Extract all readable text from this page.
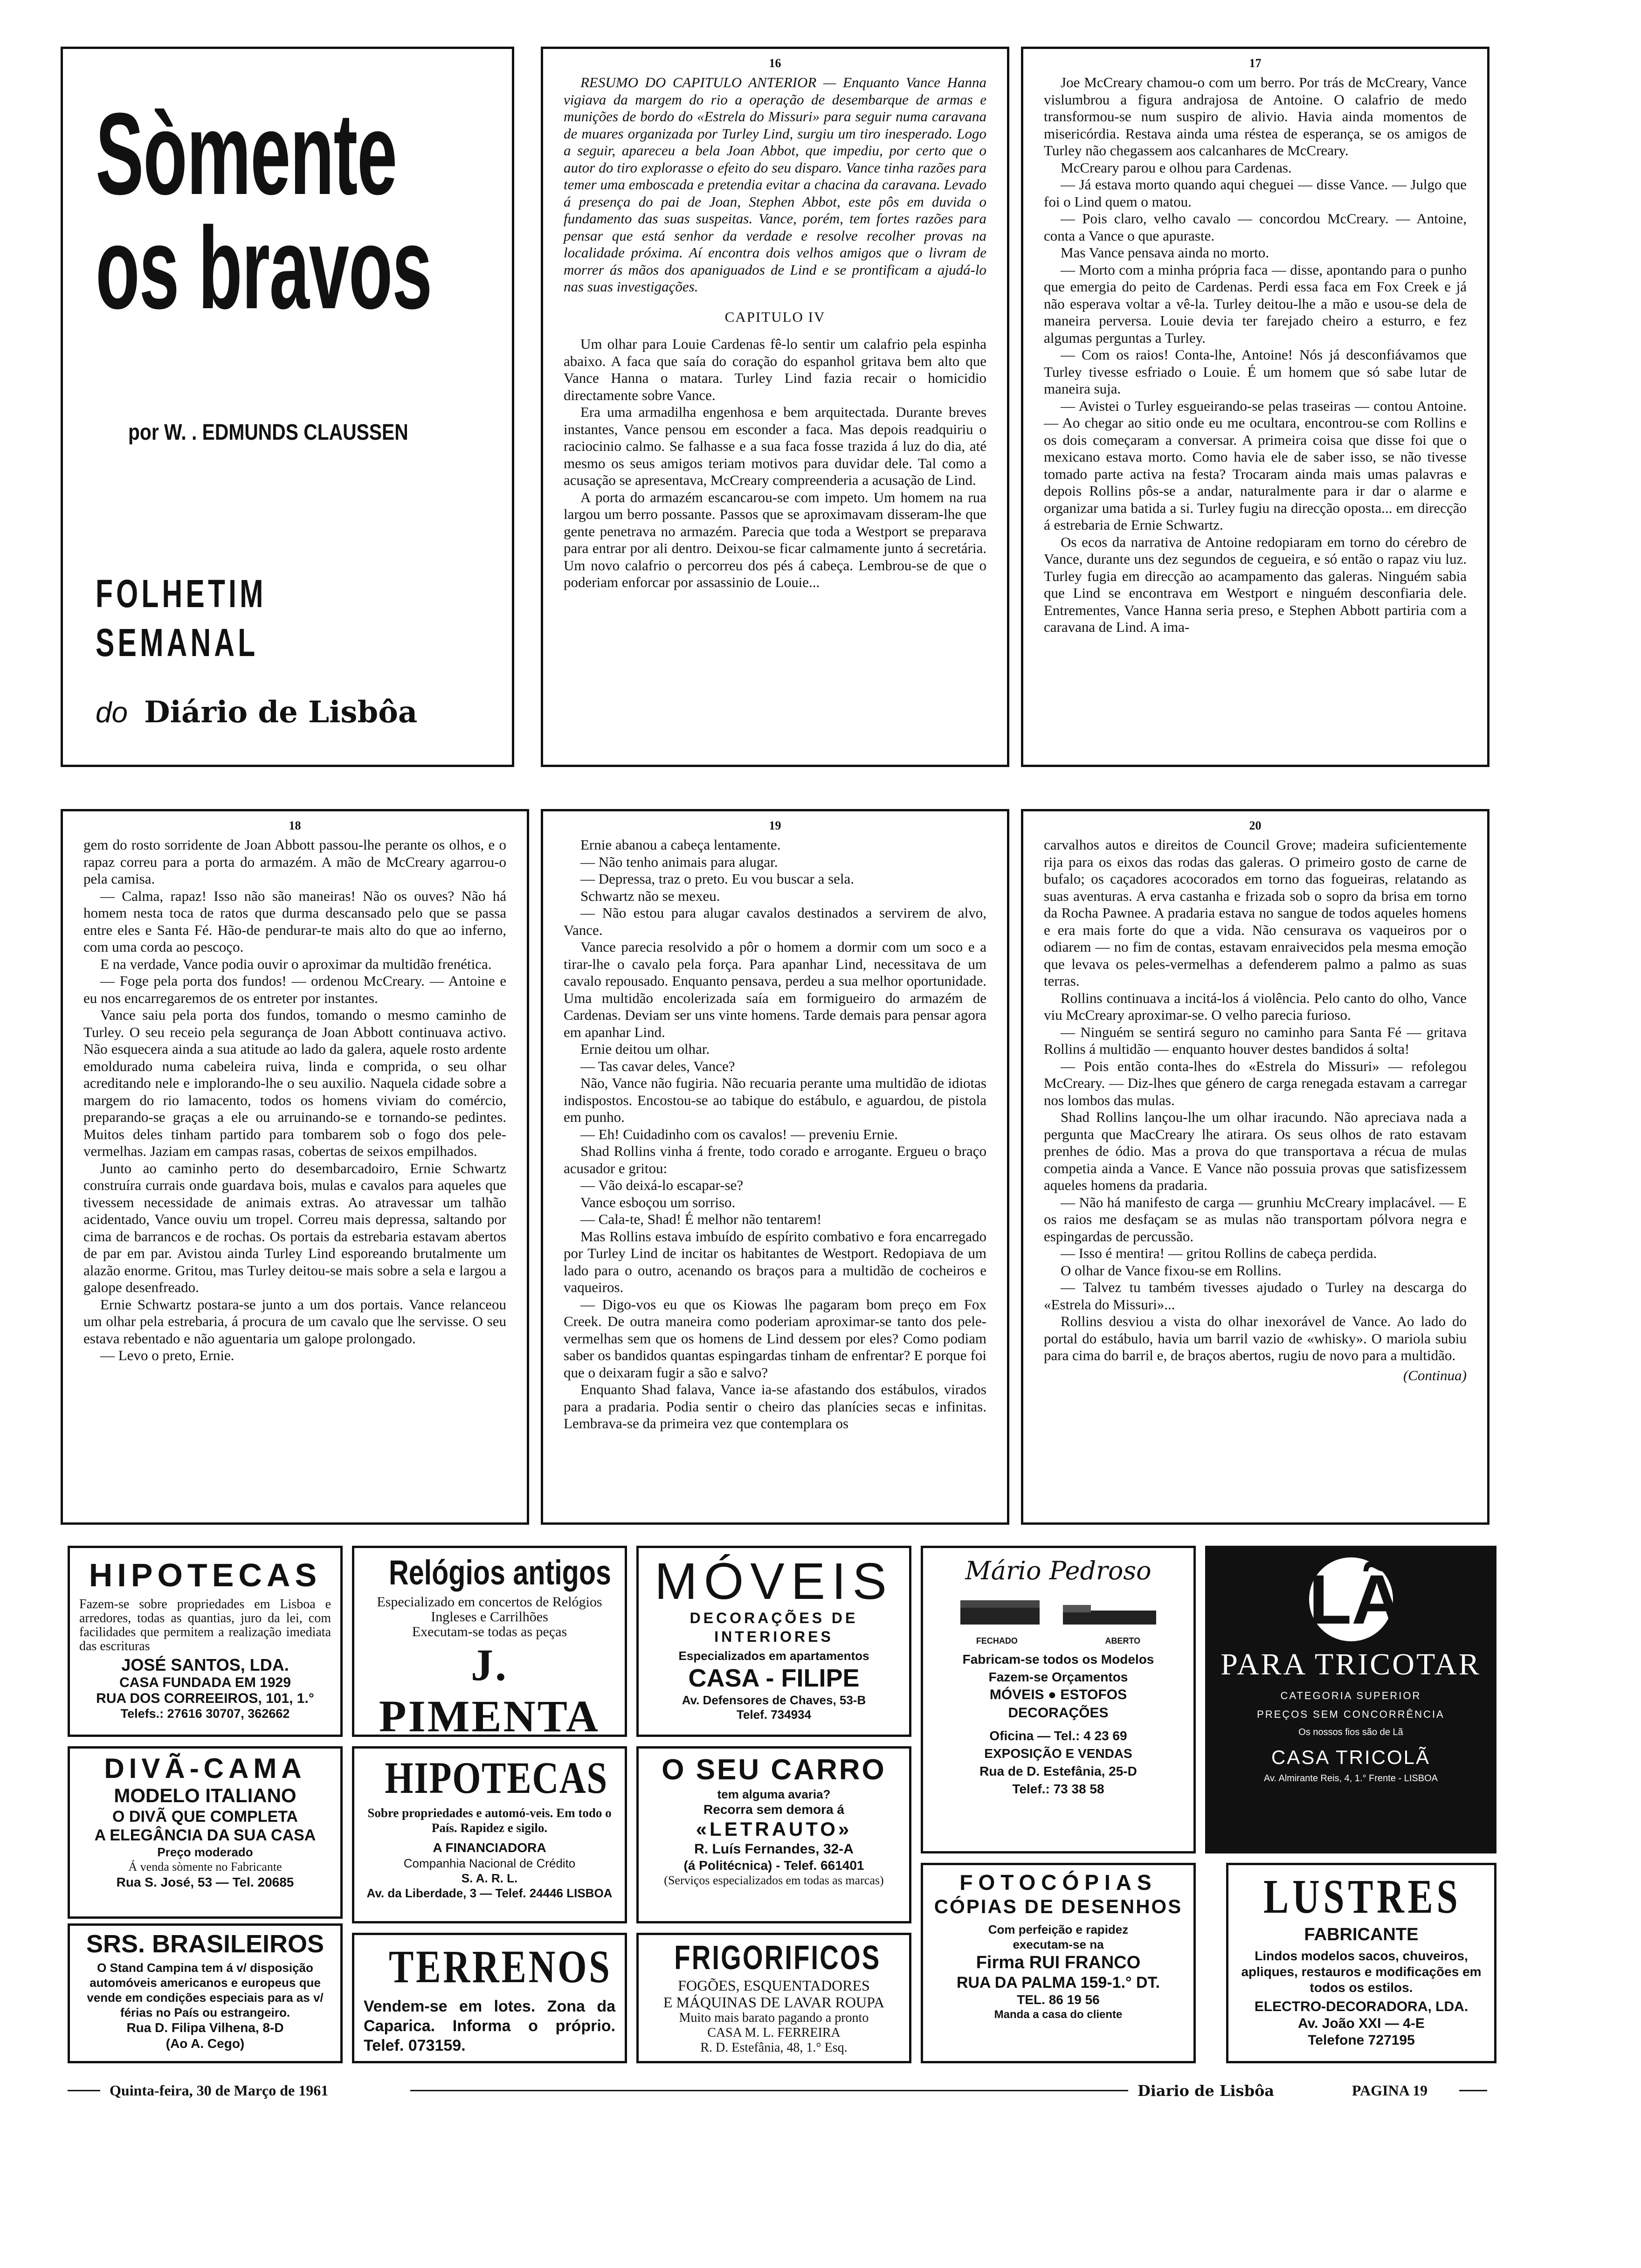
Sòmente
os bravos
por W. . EDMUNDS CLAUSSEN
FOLHETIM
SEMANAL
do Diário de Lisbôa
16

RESUMO DO CAPITULO ANTERIOR — Enquanto Vance Hanna vigiava da margem do rio a operação de desembarque de armas e munições de bordo do «Estrela do Missuri» para seguir numa caravana de muares organizada por Turley Lind, surgiu um tiro inesperado. Logo a seguir, apareceu a bela Joan Abbot, que impediu, por certo que o autor do tiro explorasse o efeito do seu disparo. Vance tinha razões para temer uma emboscada e pretendia evitar a chacina da caravana. Levado á presença do pai de Joan, Stephen Abbot, este pôs em duvida o fundamento das suas suspeitas. Vance, porém, tem fortes razões para pensar que está senhor da verdade e resolve recolher provas na localidade próxima. Aí encontra dois velhos amigos que o livram de morrer ás mãos dos apaniguados de Lind e se prontificam a ajudá-lo nas suas investigações.

CAPITULO IV

Um olhar para Louie Cardenas fê-lo sentir um calafrio pela espinha abaixo. A faca que saía do coração do espanhol gritava bem alto que Vance Hanna o matara. Turley Lind fazia recair o homicidio directamente sobre Vance.

Era uma armadilha engenhosa e bem arquitectada. Durante breves instantes, Vance pensou em esconder a faca. Mas depois readquiriu o raciocinio calmo. Se falhasse e a sua faca fosse trazida á luz do dia, até mesmo os seus amigos teriam motivos para duvidar dele. Tal como a acusação se apresentava, McCreary compreenderia a acusação de Lind.

A porta do armazém escancarou-se com impeto. Um homem na rua largou um berro possante. Passos que se aproximavam disseram-lhe que gente penetrava no armazém. Parecia que toda a Westport se preparava para entrar por ali dentro. Deixou-se ficar calmamente junto á secretária. Um novo calafrio o percorreu dos pés á cabeça. Lembrou-se de que o poderiam enforcar por assassinio de Louie...

17

Joe McCreary chamou-o com um berro. Por trás de McCreary, Vance vislumbrou a figura andrajosa de Antoine. O calafrio de medo transformou-se num suspiro de alivio. Havia ainda momentos de misericórdia. Restava ainda uma réstea de esperança, se os amigos de Turley não chegassem aos calcanhares de McCreary.

McCreary parou e olhou para Cardenas.

— Já estava morto quando aqui cheguei — disse Vance. — Julgo que foi o Lind quem o matou.

— Pois claro, velho cavalo — concordou McCreary. — Antoine, conta a Vance o que apuraste.

Mas Vance pensava ainda no morto.

— Morto com a minha própria faca — disse, apontando para o punho que emergia do peito de Cardenas. Perdi essa faca em Fox Creek e já não esperava voltar a vê-la. Turley deitou-lhe a mão e usou-se dela de maneira perversa. Louie devia ter farejado cheiro a esturro, e fez algumas perguntas a Turley.

— Com os raios! Conta-lhe, Antoine! Nós já desconfiávamos que Turley tivesse esfriado o Louie. É um homem que só sabe lutar de maneira suja.

— Avistei o Turley esgueirando-se pelas traseiras — contou Antoine. — Ao chegar ao sitio onde eu me ocultara, encontrou-se com Rollins e os dois começaram a conversar. A primeira coisa que disse foi que o mexicano estava morto. Como havia ele de saber isso, se não tivesse tomado parte activa na festa? Trocaram ainda mais umas palavras e depois Rollins pôs-se a andar, naturalmente para ir dar o alarme e organizar uma batida a si. Turley fugiu na direcção oposta... em direcção á estrebaria de Ernie Schwartz.

Os ecos da narrativa de Antoine redopiaram em torno do cérebro de Vance, durante uns dez segundos de cegueira, e só então o rapaz viu luz. Turley fugia em direcção ao acampamento das galeras. Ninguém sabia que Lind se encontrava em Westport e ninguém desconfiaria dele. Entrementes, Vance Hanna seria preso, e Stephen Abbott partiria com a caravana de Lind. A ima-

18

gem do rosto sorridente de Joan Abbott passou-lhe perante os olhos, e o rapaz correu para a porta do armazém. A mão de McCreary agarrou-o pela camisa.

— Calma, rapaz! Isso não são maneiras! Não os ouves? Não há homem nesta toca de ratos que durma descansado pelo que se passa entre eles e Santa Fé. Hão-de pendurar-te mais alto do que ao inferno, com uma corda ao pescoço.

E na verdade, Vance podia ouvir o aproximar da multidão frenética.

— Foge pela porta dos fundos! — ordenou McCreary. — Antoine e eu nos encarregaremos de os entreter por instantes.

Vance saiu pela porta dos fundos, tomando o mesmo caminho de Turley. O seu receio pela segurança de Joan Abbott continuava activo. Não esquecera ainda a sua atitude ao lado da galera, aquele rosto ardente emoldurado numa cabeleira ruiva, linda e comprida, o seu olhar acreditando nele e implorando-lhe o seu auxilio. Naquela cidade sobre a margem do rio lamacento, todos os homens viviam do comércio, preparando-se graças a ele ou arruinando-se e tornando-se pedintes. Muitos deles tinham partido para tombarem sob o fogo dos pele-vermelhas. Jaziam em campas rasas, cobertas de seixos empilhados.

Junto ao caminho perto do desembarcadoiro, Ernie Schwartz construíra currais onde guardava bois, mulas e cavalos para aqueles que tivessem necessidade de animais extras. Ao atravessar um talhão acidentado, Vance ouviu um tropel. Correu mais depressa, saltando por cima de barrancos e de rochas. Os portais da estrebaria estavam abertos de par em par. Avistou ainda Turley Lind esporeando brutalmente um alazão enorme. Gritou, mas Turley deitou-se mais sobre a sela e largou a galope desenfreado.

Ernie Schwartz postara-se junto a um dos portais. Vance relanceou um olhar pela estrebaria, á procura de um cavalo que lhe servisse. O seu estava rebentado e não aguentaria um galope prolongado.

— Levo o preto, Ernie.

19

Ernie abanou a cabeça lentamente.

— Não tenho animais para alugar.

— Depressa, traz o preto. Eu vou buscar a sela.

Schwartz não se mexeu.

— Não estou para alugar cavalos destinados a servirem de alvo, Vance.

Vance parecia resolvido a pôr o homem a dormir com um soco e a tirar-lhe o cavalo pela força. Para apanhar Lind, necessitava de um cavalo repousado. Enquanto pensava, perdeu a sua melhor oportunidade. Uma multidão encolerizada saía em formigueiro do armazém de Cardenas. Deviam ser uns vinte homens. Tarde demais para pensar agora em apanhar Lind.

Ernie deitou um olhar.

— Tas cavar deles, Vance?

Não, Vance não fugiria. Não recuaria perante uma multidão de idiotas indispostos. Encostou-se ao tabique do estábulo, e aguardou, de pistola em punho.

— Eh! Cuidadinho com os cavalos! — preveniu Ernie.

Shad Rollins vinha á frente, todo corado e arrogante. Ergueu o braço acusador e gritou:

— Vão deixá-lo escapar-se?

Vance esboçou um sorriso.

— Cala-te, Shad! É melhor não tentarem!

Mas Rollins estava imbuído de espírito combativo e fora encarregado por Turley Lind de incitar os habitantes de Westport. Redopiava de um lado para o outro, acenando os braços para a multidão de cocheiros e vaqueiros.

— Digo-vos eu que os Kiowas lhe pagaram bom preço em Fox Creek. De outra maneira como poderiam aproximar-se tanto dos pele-vermelhas sem que os homens de Lind dessem por eles? Como podiam saber os bandidos quantas espingardas tinham de enfrentar? E porque foi que o deixaram fugir a são e salvo?

Enquanto Shad falava, Vance ia-se afastando dos estábulos, virados para a pradaria. Podia sentir o cheiro das planícies secas e infinitas. Lembrava-se da primeira vez que contemplara os

20

carvalhos autos e direitos de Council Grove; madeira suficientemente rija para os eixos das rodas das galeras. O primeiro gosto de carne de bufalo; os caçadores acocorados em torno das fogueiras, relatando as suas aventuras. A erva castanha e frizada sob o sopro da brisa em torno da Rocha Pawnee. A pradaria estava no sangue de todos aqueles homens e era mais forte do que a vida. Não censurava os vaqueiros por o odiarem — no fim de contas, estavam enraivecidos pela mesma emoção que levava os peles-vermelhas a defenderem palmo a palmo as suas terras.

Rollins continuava a incitá-los á violência. Pelo canto do olho, Vance viu McCreary aproximar-se. O velho parecia furioso.

— Ninguém se sentirá seguro no caminho para Santa Fé — gritava Rollins á multidão — enquanto houver destes bandidos á solta!

— Pois então conta-lhes do «Estrela do Missuri» — refolegou McCreary. — Diz-lhes que género de carga renegada estavam a carregar nos lombos das mulas.

Shad Rollins lançou-lhe um olhar iracundo. Não apreciava nada a pergunta que MacCreary lhe atirara. Os seus olhos de rato estavam prenhes de ódio. Mas a prova do que transportava a récua de mulas competia ainda a Vance. E Vance não possuia provas que satisfizessem aqueles homens da pradaria.

— Não há manifesto de carga — grunhiu McCreary implacável. — E os raios me desfaçam se as mulas não transportam pólvora negra e espingardas de percussão.

— Isso é mentira! — gritou Rollins de cabeça perdida.

O olhar de Vance fixou-se em Rollins.

— Talvez tu também tivesses ajudado o Turley na descarga do «Estrela do Missuri»...

Rollins desviou a vista do olhar inexorável de Vance. Ao lado do portal do estábulo, havia um barril vazio de «whisky». O mariola subiu para cima do barril e, de braços abertos, rugiu de novo para a multidão.

(Continua)
HIPOTECAS
Fazem-se sobre propriedades em Lisboa e arredores, todas as quantias, juro da lei, com facilidades que permitem a realização imediata das escrituras
JOSÉ SANTOS, LDA.
CASA FUNDADA EM 1929
RUA DOS CORREEIROS, 101, 1.°
Telefs.: 27616 30707, 362662
Relógios antigos
Especializado em concertos de Relógios Ingleses e Carrilhões
Executam-se todas as peças
J. PIMENTA
MÓVEIS
DECORAÇÕES DE INTERIORES
Especializados em apartamentos
CASA - FILIPE
Av. Defensores de Chaves, 53-B
Telef. 734934
Mário Pedroso
FECHADO	ABERTO
Fabricam-se todos os Modelos
Fazem-se Orçamentos
MÓVEIS ● ESTOFOS
DECORAÇÕES
Oficina — Tel.: 4 23 69
EXPOSIÇÃO E VENDAS
Rua de D. Estefânia, 25-D
Telef.: 73 38 58
LÃS
PARA TRICOTAR
CATEGORIA SUPERIOR
PREÇOS SEM CONCORRÊNCIA
Os nossos fios são de Lã
CASA TRICOLÃ
Av. Almirante Reis, 4, 1.° Frente - LISBOA
DIVÃ-CAMA
MODELO ITALIANO
O DIVÃ QUE COMPLETA
A ELEGÂNCIA DA SUA CASA
Preço moderado
Á venda sòmente no Fabricante
Rua S. José, 53 — Tel. 20685
HIPOTECAS
Sobre propriedades e automó-veis. Em todo o País. Rapidez e sigilo.
A FINANCIADORA
Companhia Nacional de Crédito
S. A. R. L.
Av. da Liberdade, 3 — Telef. 24446 LISBOA
O SEU CARRO
tem alguma avaria?
Recorra sem demora á
«LETRAUTO»
R. Luís Fernandes, 32-A
(á Politécnica) - Telef. 661401
(Serviços especializados em todas as marcas)	FOTOCÓPIAS
CÓPIAS DE DESENHOS
Com perfeição e rapidez executam-se na
Firma RUI FRANCO
RUA DA PALMA 159-1.° DT.
TEL. 86 19 56
Manda a casa do cliente
LUSTRES
FABRICANTE
Lindos modelos sacos, chuveiros, apliques, restauros e modificações em todos os estilos.
ELECTRO-DECORADORA, LDA.
Av. João XXI — 4-E
Telefone 727195
SRS. BRASILEIROS
O Stand Campina tem á v/ disposição automóveis americanos e europeus que vende em condições especiais para as v/ férias no País ou estrangeiro.
Rua D. Filipa Vilhena, 8-D
(Ao A. Cego)
TERRENOS
Vendem-se em lotes. Zona da Caparica. Informa o próprio. Telef. 073159.
FRIGORIFICOS
FOGÕES, ESQUENTADORES
E MÁQUINAS DE LAVAR ROUPA
Muito mais barato pagando a pronto
CASA M. L. FERREIRA
R. D. Estefânia, 48, 1.° Esq.
Quinta-feira, 30 de Março de 1961	Diario de Lisbôa	PAGINA 19
